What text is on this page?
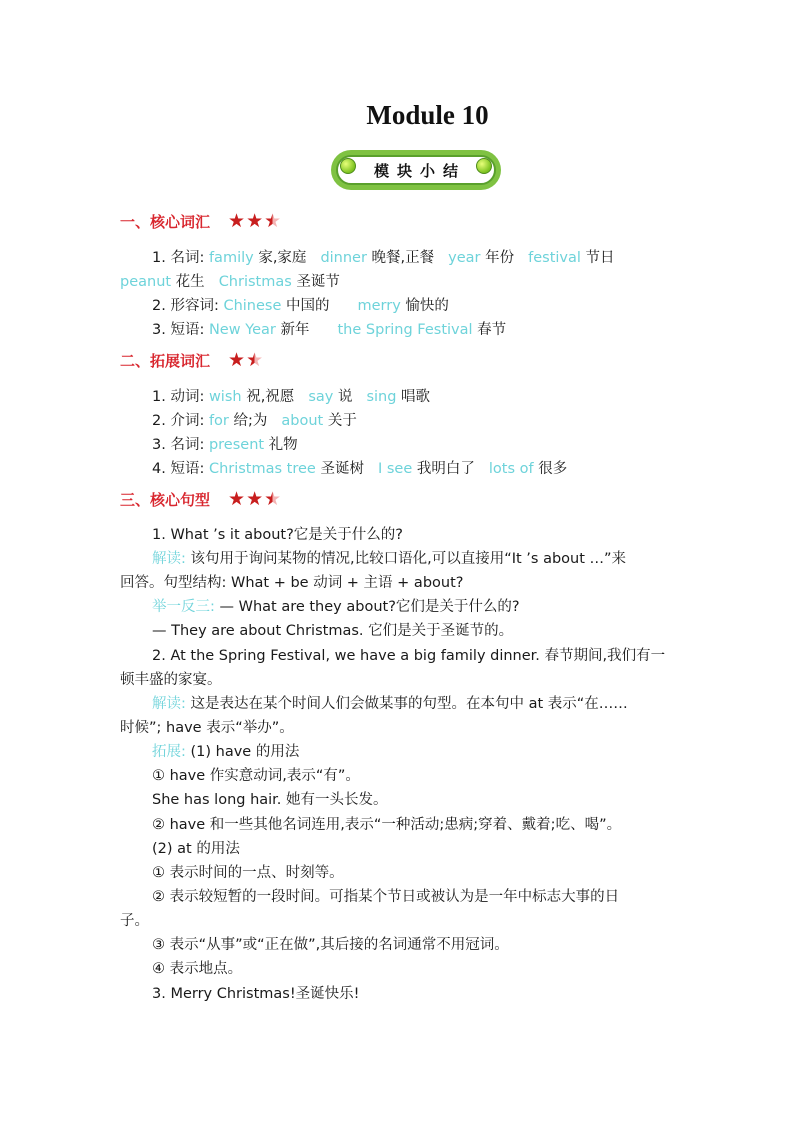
Module 10
模块小结
一、核心词汇 ★ ★ ★
1. 名词: family 家,家庭 dinner 晚餐,正餐 year 年份 festival 节日
peanut 花生 Christmas 圣诞节
2. 形容词: Chinese 中国的 merry 愉快的
3. 短语: New Year 新年 the Spring Festival 春节
二、拓展词汇 ★ ★
1. 动词: wish 祝,祝愿 say 说 sing 唱歌
2. 介词: for 给;为 about 关于
3. 名词: present 礼物
4. 短语: Christmas tree 圣诞树 I see 我明白了 lots of 很多
三、核心句型 ★ ★ ★
1. What ’s it about?它是关于什么的?
解读: 该句用于询问某物的情况,比较口语化,可以直接用“It ’s about …”来
回答。句型结构: What + be 动词 + 主语 + about?
举一反三: — What are they about?它们是关于什么的?
— They are about Christmas. 它们是关于圣诞节的。
2. At the Spring Festival, we have a big family dinner. 春节期间,我们有一
顿丰盛的家宴。
解读: 这是表达在某个时间人们会做某事的句型。在本句中 at 表示“在……
时候”; have 表示“举办”。
拓展: (1) have 的用法
① have 作实意动词,表示“有”。
She has long hair. 她有一头长发。
② have 和一些其他名词连用,表示“一种活动;患病;穿着、戴着;吃、喝”。
(2) at 的用法
① 表示时间的一点、时刻等。
② 表示较短暂的一段时间。可指某个节日或被认为是一年中标志大事的日
子。
③ 表示“从事”或“正在做”,其后接的名词通常不用冠词。
④ 表示地点。
3. Merry Christmas!圣诞快乐!
